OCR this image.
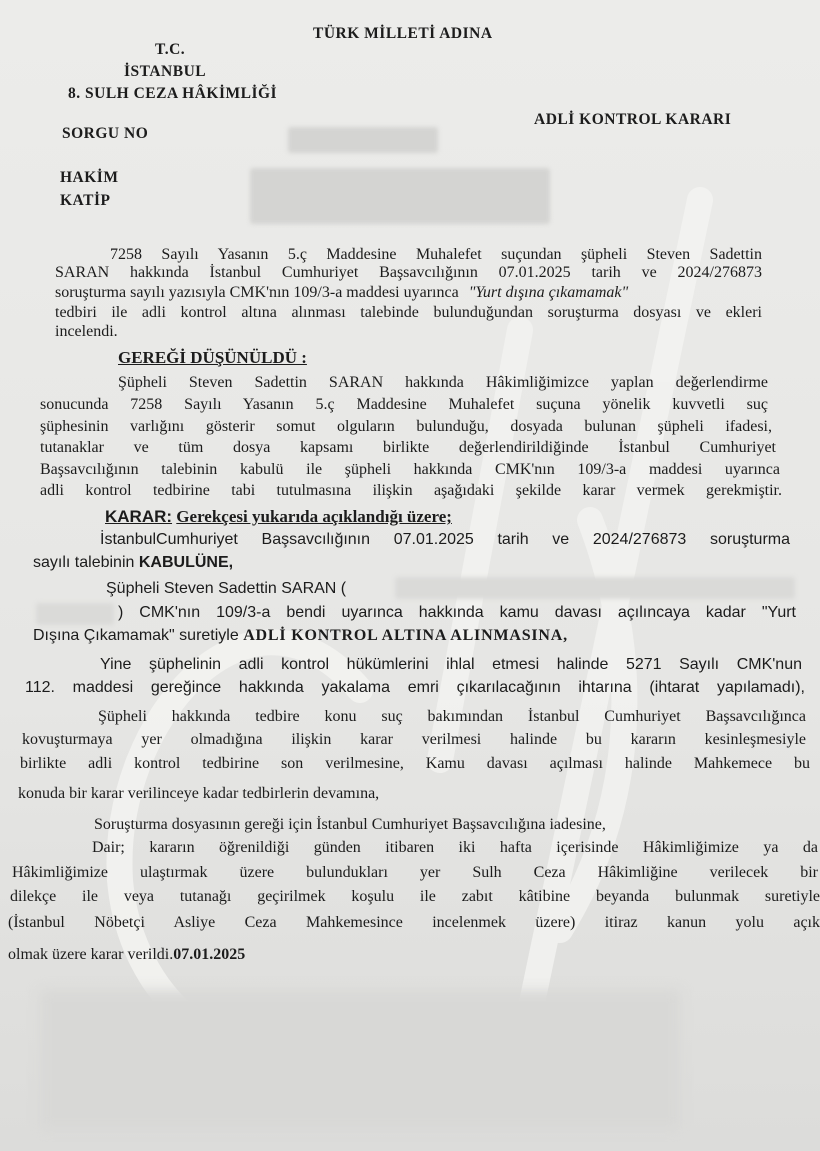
TÜRK MİLLETİ ADINA
T.C.
İSTANBUL
8. SULH CEZA HÂKİMLİĞİ
ADLİ KONTROL KARARI
SORGU NO
HAKİM
KATİP
7258 Sayılı Yasanın 5.ç Maddesine Muhalefet suçundan şüpheli Steven Sadettin
SARAN hakkında İstanbul Cumhuriyet Başsavcılığının 07.01.2025 tarih ve 2024/276873
soruşturma sayılı yazısıyla CMK'nın 109/3-a maddesi uyarınca "Yurt dışına çıkamamak"
tedbiri ile adli kontrol altına alınması talebinde bulunduğundan soruşturma dosyası ve ekleri
incelendi.
GEREĞİ DÜŞÜNÜLDÜ :
Şüpheli Steven Sadettin SARAN hakkında Hâkimliğimizce yaplan değerlendirme
sonucunda 7258 Sayılı Yasanın 5.ç Maddesine Muhalefet suçuna yönelik kuvvetli suç
şüphesinin varlığını gösterir somut olguların bulunduğu, dosyada bulunan şüpheli ifadesi,
tutanaklar ve tüm dosya kapsamı birlikte değerlendirildiğinde İstanbul Cumhuriyet
Başsavcılığının talebinin kabulü ile şüpheli hakkında CMK'nın 109/3-a maddesi uyarınca
adli kontrol tedbirine tabi tutulmasına ilişkin aşağıdaki şekilde karar vermek gerekmiştir.
KARAR: Gerekçesi yukarıda açıklandığı üzere;
İstanbulCumhuriyet Başsavcılığının 07.01.2025 tarih ve 2024/276873 soruşturma
sayılı talebinin KABULÜNE,
Şüpheli Steven Sadettin SARAN (
) CMK'nın 109/3-a bendi uyarınca hakkında kamu davası açılıncaya kadar "Yurt
Dışına Çıkamamak" suretiyle ADLİ KONTROL ALTINA ALINMASINA,
Yine şüphelinin adli kontrol hükümlerini ihlal etmesi halinde 5271 Sayılı CMK'nun
112. maddesi gereğince hakkında yakalama emri çıkarılacağının ihtarına (ihtarat yapılamadı),
Şüpheli hakkında tedbire konu suç bakımından İstanbul Cumhuriyet Başsavcılığınca
kovuşturmaya yer olmadığına ilişkin karar verilmesi halinde bu kararın kesinleşmesiyle
birlikte adli kontrol tedbirine son verilmesine, Kamu davası açılması halinde Mahkemece bu
konuda bir karar verilinceye kadar tedbirlerin devamına,
Soruşturma dosyasının gereği için İstanbul Cumhuriyet Başsavcılığına iadesine,
Dair; kararın öğrenildiği günden itibaren iki hafta içerisinde Hâkimliğimize ya da
Hâkimliğimize ulaştırmak üzere bulundukları yer Sulh Ceza Hâkimliğine verilecek bir
dilekçe ile veya tutanağı geçirilmek koşulu ile zabıt kâtibine beyanda bulunmak suretiyle
(İstanbul Nöbetçi Asliye Ceza Mahkemesince incelenmek üzere) itiraz kanun yolu açık
olmak üzere karar verildi.07.01.2025
